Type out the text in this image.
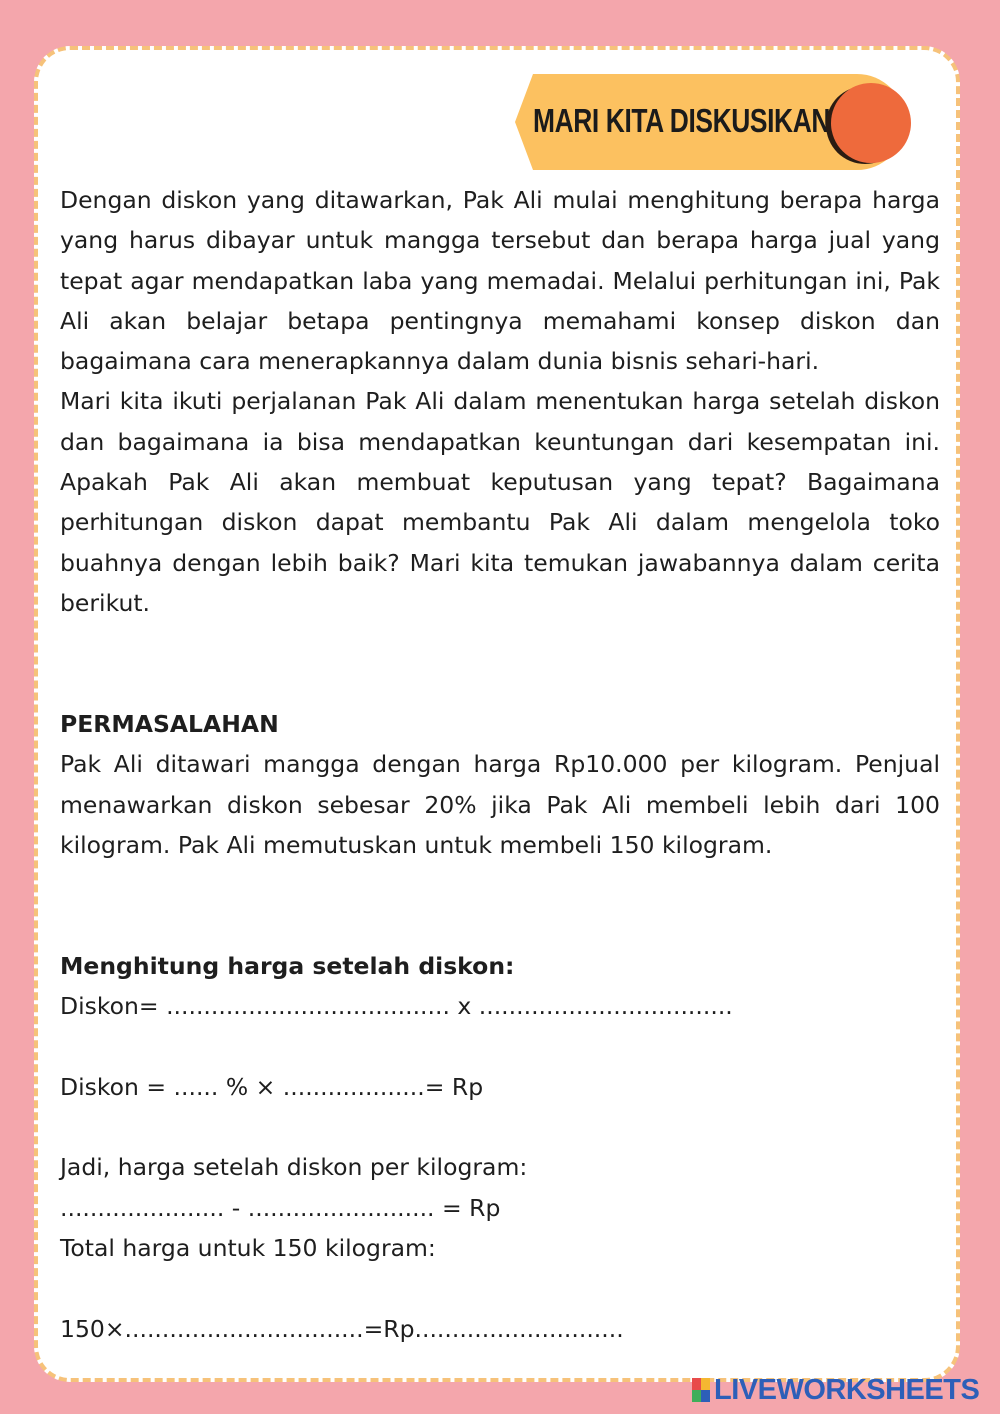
MARI KITA DISKUSIKAN

Dengan diskon yang ditawarkan, Pak Ali mulai menghitung berapa harga yang harus dibayar untuk mangga tersebut dan berapa harga jual yang tepat agar mendapatkan laba yang memadai. Melalui perhitungan ini, Pak Ali akan belajar betapa pentingnya memahami konsep diskon dan bagaimana cara menerapkannya dalam dunia bisnis sehari-hari.

Mari kita ikuti perjalanan Pak Ali dalam menentukan harga setelah diskon dan bagaimana ia bisa mendapatkan keuntungan dari kesempatan ini. Apakah Pak Ali akan membuat keputusan yang tepat? Bagaimana perhitungan diskon dapat membantu Pak Ali dalam mengelola toko buahnya dengan lebih baik? Mari kita temukan jawabannya dalam cerita berikut.

PERMASALAHAN

Pak Ali ditawari mangga dengan harga Rp10.000 per kilogram. Penjual menawarkan diskon sebesar 20% jika Pak Ali membeli lebih dari 100 kilogram. Pak Ali memutuskan untuk membeli 150 kilogram.

Menghitung harga setelah diskon:

Diskon= ...................................... x ..................................

Diskon = ...... % × ...................= Rp

Jadi, harga setelah diskon per kilogram:

...................... - ......................... = Rp

Total harga untuk 150 kilogram:

150×................................=Rp............................

LIVEWORKSHEETS
